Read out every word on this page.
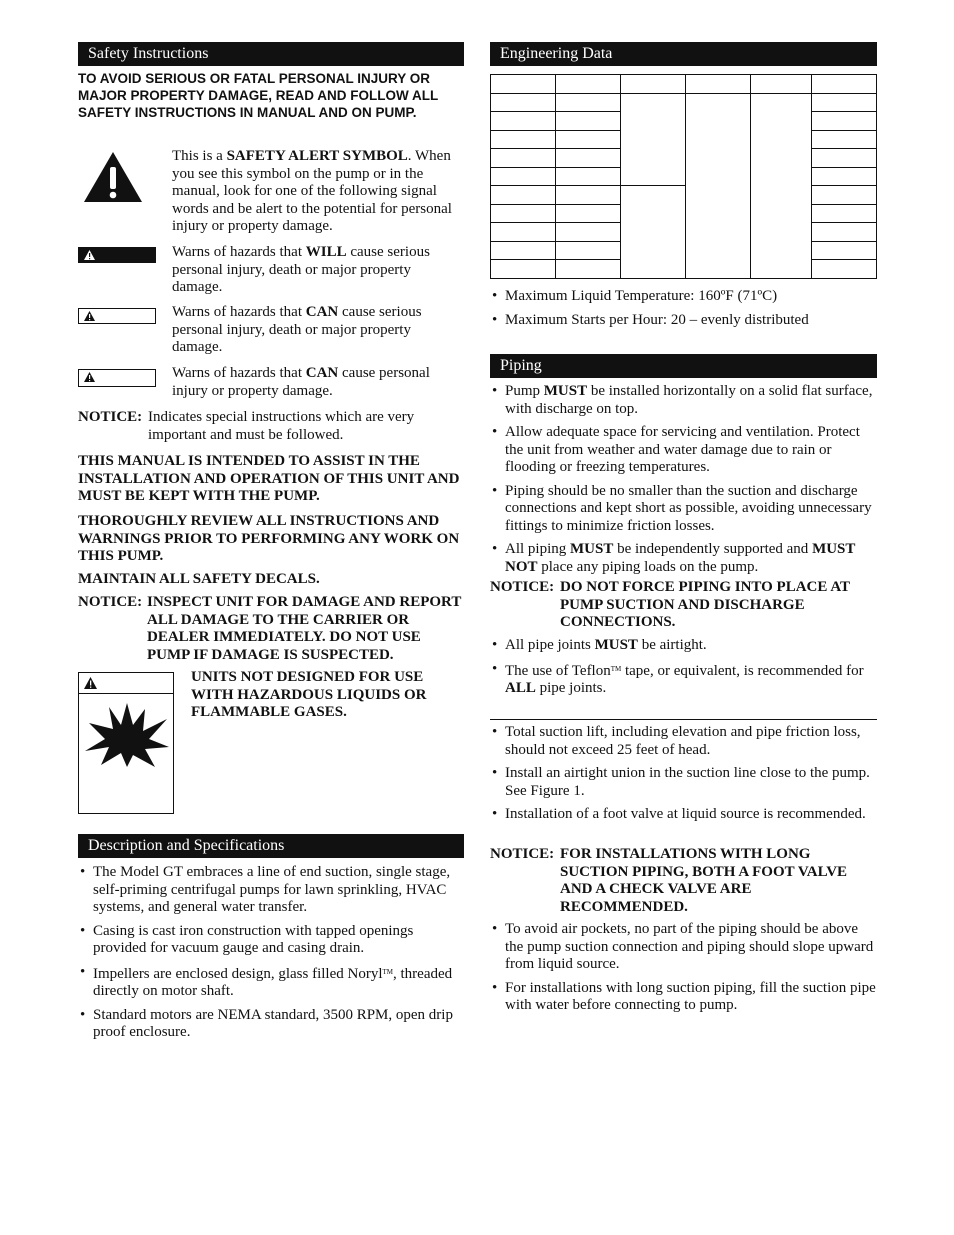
Safety Instructions

TO AVOID SERIOUS OR FATAL PERSONAL INJURY OR MAJOR PROPERTY DAMAGE, READ AND FOLLOW ALL SAFETY INSTRUCTIONS IN MANUAL AND ON PUMP.

This is a SAFETY ALERT SYMBOL. When you see this symbol on the pump or in the manual, look for one of the following signal words and be alert to the potential for personal injury or property damage.

Warns of hazards that WILL cause serious personal injury, death or major property damage.

Warns of hazards that CAN cause serious personal injury, death or major property damage.

Warns of hazards that CAN cause personal injury or property damage.

NOTICE: Indicates special instructions which are very important and must be followed.

THIS MANUAL IS INTENDED TO ASSIST IN THE INSTALLATION AND OPERATION OF THIS UNIT AND MUST BE KEPT WITH THE PUMP.

THOROUGHLY REVIEW ALL INSTRUCTIONS AND WARNINGS PRIOR TO PERFORMING ANY WORK ON THIS PUMP.

MAINTAIN ALL SAFETY DECALS.

NOTICE: INSPECT UNIT FOR DAMAGE AND REPORT ALL DAMAGE TO THE CARRIER OR DEALER IMMEDIATELY. DO NOT USE PUMP IF DAMAGE IS SUSPECTED.

UNITS NOT DESIGNED FOR USE WITH HAZARDOUS LIQUIDS OR FLAMMABLE GASES.

Description and Specifications
• The Model GT embraces a line of end suction, single stage, self-priming centrifugal pumps for lawn sprinkling, HVAC systems, and general water transfer.
• Casing is cast iron construction with tapped openings provided for vacuum gauge and casing drain.
• Impellers are enclosed design, glass filled Noryl™, threaded directly on motor shaft.
• Standard motors are NEMA standard, 3500 RPM, open drip proof enclosure.
Engineering Data

• Maximum Liquid Temperature: 160ºF (71ºC)
• Maximum Starts per Hour: 20 – evenly distributed
Piping
• Pump MUST be installed horizontally on a solid flat surface, with discharge on top.
• Allow adequate space for servicing and ventilation. Protect the unit from weather and water damage due to rain or flooding or freezing temperatures.
• Piping should be no smaller than the suction and discharge connections and kept short as possible, avoiding unnecessary fittings to minimize friction losses.
• All piping MUST be independently supported and MUST NOT place any piping loads on the pump.

NOTICE: DO NOT FORCE PIPING INTO PLACE AT PUMP SUCTION AND DISCHARGE CONNECTIONS.

• All pipe joints MUST be airtight.
• The use of Teflon™ tape, or equivalent, is recommended for ALL pipe joints.
• Total suction lift, including elevation and pipe friction loss, should not exceed 25 feet of head.
• Install an airtight union in the suction line close to the pump. See Figure 1.
• Installation of a foot valve at liquid source is recommended.

NOTICE: FOR INSTALLATIONS WITH LONG SUCTION PIPING, BOTH A FOOT VALVE AND A CHECK VALVE ARE RECOMMENDED.

• To avoid air pockets, no part of the piping should be above the pump suction connection and piping should slope upward from liquid source.
• For installations with long suction piping, fill the suction pipe with water before connecting to pump.
